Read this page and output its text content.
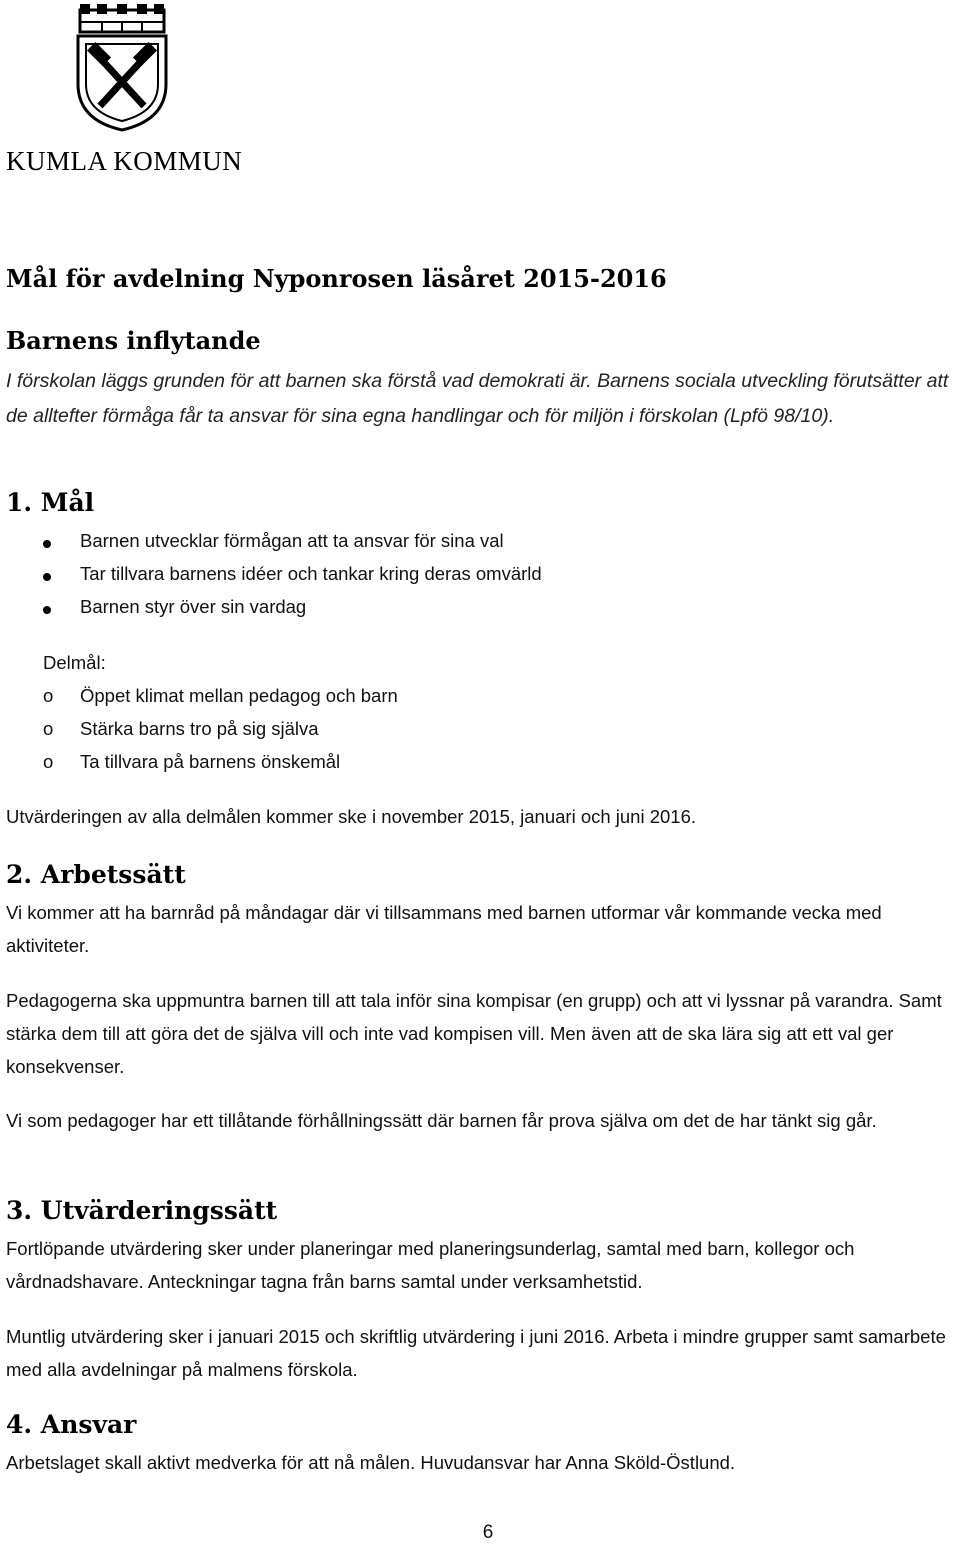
KUMLA KOMMUN
Mål för avdelning Nyponrosen läsåret 2015-2016
Barnens inflytande
I förskolan läggs grunden för att barnen ska förstå vad demokrati är. Barnens sociala utveckling förutsätter att de alltefter förmåga får ta ansvar för sina egna handlingar och för miljön i förskolan (Lpfö 98/10).
1. Mål
Barnen utvecklar förmågan att ta ansvar för sina val
Tar tillvara barnens idéer och tankar kring deras omvärld
Barnen styr över sin vardag
Delmål:
o Öppet klimat mellan pedagog och barn
o Stärka barns tro på sig själva
o Ta tillvara på barnens önskemål
Utvärderingen av alla delmålen kommer ske i november 2015, januari och juni 2016.
2. Arbetssätt
Vi kommer att ha barnråd på måndagar där vi tillsammans med barnen utformar vår kommande vecka med aktiviteter.
Pedagogerna ska uppmuntra barnen till att tala inför sina kompisar (en grupp) och att vi lyssnar på varandra. Samt stärka dem till att göra det de själva vill och inte vad kompisen vill. Men även att de ska lära sig att ett val ger konsekvenser.
Vi som pedagoger har ett tillåtande förhållningssätt där barnen får prova själva om det de har tänkt sig går.
3. Utvärderingssätt
Fortlöpande utvärdering sker under planeringar med planeringsunderlag, samtal med barn, kollegor och vårdnadshavare. Anteckningar tagna från barns samtal under verksamhetstid.
Muntlig utvärdering sker i januari 2015 och skriftlig utvärdering i juni 2016. Arbeta i mindre grupper samt samarbete med alla avdelningar på malmens förskola.
4. Ansvar
Arbetslaget skall aktivt medverka för att nå målen. Huvudansvar har Anna Sköld-Östlund.
6
